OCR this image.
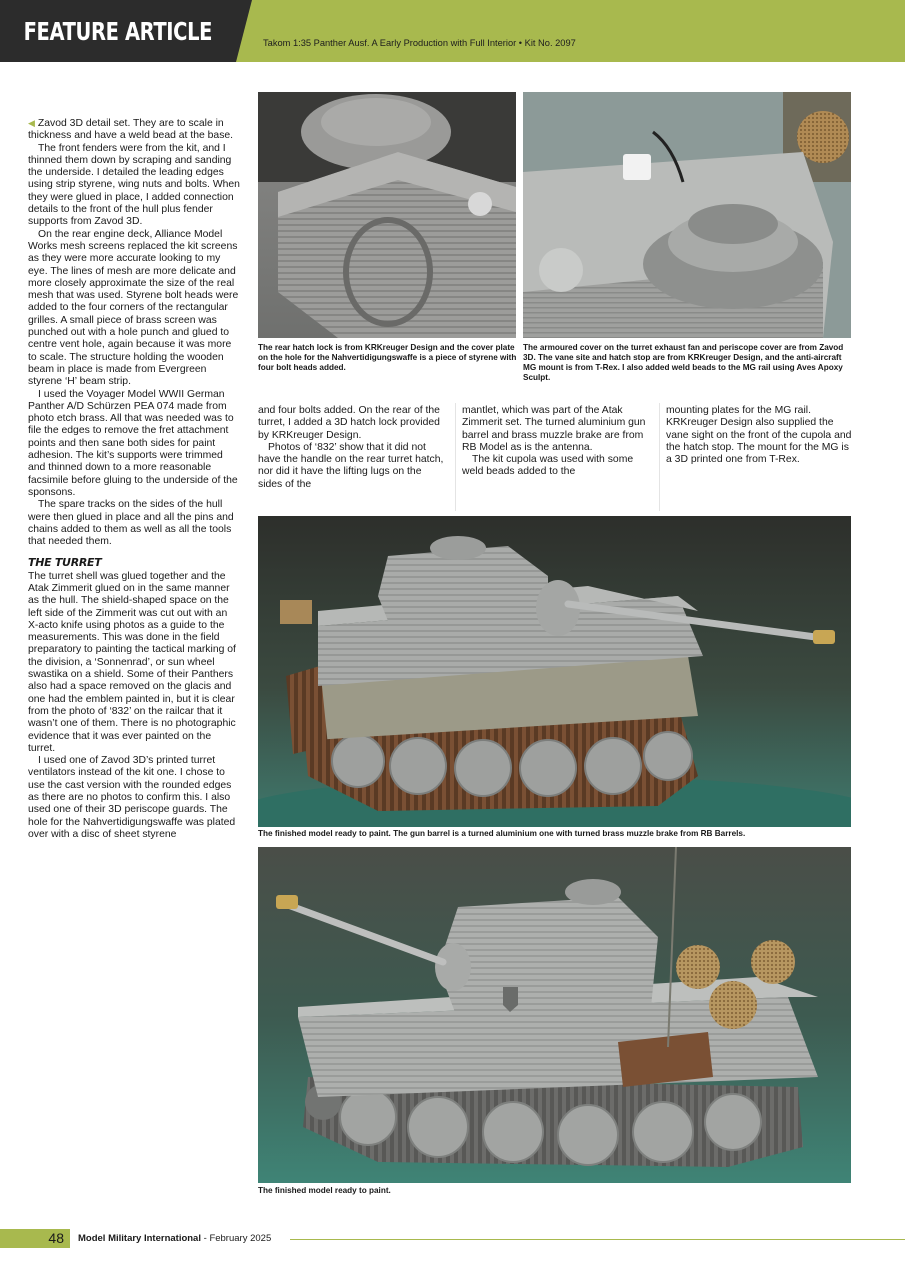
FEATURE ARTICLE	Takom 1:35 Panther Ausf. A Early Production with Full Interior • Kit No. 2097

◀ Zavod 3D detail set. They are to scale in thickness and have a weld bead at the base.

The front fenders were from the kit, and I thinned them down by scraping and sanding the underside. I detailed the leading edges using strip styrene, wing nuts and bolts. When they were glued in place, I added connection details to the front of the hull plus fender supports from Zavod 3D.

On the rear engine deck, Alliance Model Works mesh screens replaced the kit screens as they were more accurate looking to my eye. The lines of mesh are more delicate and more closely approximate the size of the real mesh that was used. Styrene bolt heads were added to the four corners of the rectangular grilles. A small piece of brass screen was punched out with a hole punch and glued to centre vent hole, again because it was more to scale. The structure holding the wooden beam in place is made from Evergreen styrene ‘H’ beam strip.

I used the Voyager Model WWII German Panther A/D Schürzen PEA 074 made from photo etch brass. All that was needed was to file the edges to remove the fret attachment points and then sane both sides for paint adhesion. The kit’s supports were trimmed and thinned down to a more reasonable facsimile before gluing to the underside of the sponsons.

The spare tracks on the sides of the hull were then glued in place and all the pins and chains added to them as well as all the tools that needed them.

THE TURRET

The turret shell was glued together and the Atak Zimmerit glued on in the same manner as the hull. The shield-shaped space on the left side of the Zimmerit was cut out with an X-acto knife using photos as a guide to the measurements. This was done in the field preparatory to painting the tactical marking of the division, a ‘Sonnenrad’, or sun wheel swastika on a shield. Some of their Panthers also had a space removed on the glacis and one had the emblem painted in, but it is clear from the photo of ‘832’ on the railcar that it wasn’t one of them. There is no photographic evidence that it was ever painted on the turret.

I used one of Zavod 3D’s printed turret ventilators instead of the kit one. I chose to use the cast version with the rounded edges as there are no photos to confirm this. I also used one of their 3D periscope guards. The hole for the Nahvertidigungswaffe was plated over with a disc of sheet styrene

The rear hatch lock is from KRKreuger Design and the cover plate on the hole for the Nahvertidigungswaffe is a piece of styrene with four bolt heads added.
The armoured cover on the turret exhaust fan and periscope cover are from Zavod 3D. The vane site and hatch stop are from KRKreuger Design, and the anti-aircraft MG mount is from T-Rex. I also added weld beads to the MG rail using Aves Apoxy Sculpt.

and four bolts added. On the rear of the turret, I added a 3D hatch lock provided by KRKreuger Design.

Photos of ‘832’ show that it did not have the handle on the rear turret hatch, nor did it have the lifting lugs on the sides of the

mantlet, which was part of the Atak Zimmerit set. The turned aluminium gun barrel and brass muzzle brake are from RB Model as is the antenna.

The kit cupola was used with some weld beads added to the

mounting plates for the MG rail. KRKreuger Design also supplied the vane sight on the front of the cupola and the hatch stop. The mount for the MG is a 3D printed one from T-Rex.

The finished model ready to paint. The gun barrel is a turned aluminium one with turned brass muzzle brake from RB Barrels.
The finished model ready to paint.
48	Model Military International - February 2025
